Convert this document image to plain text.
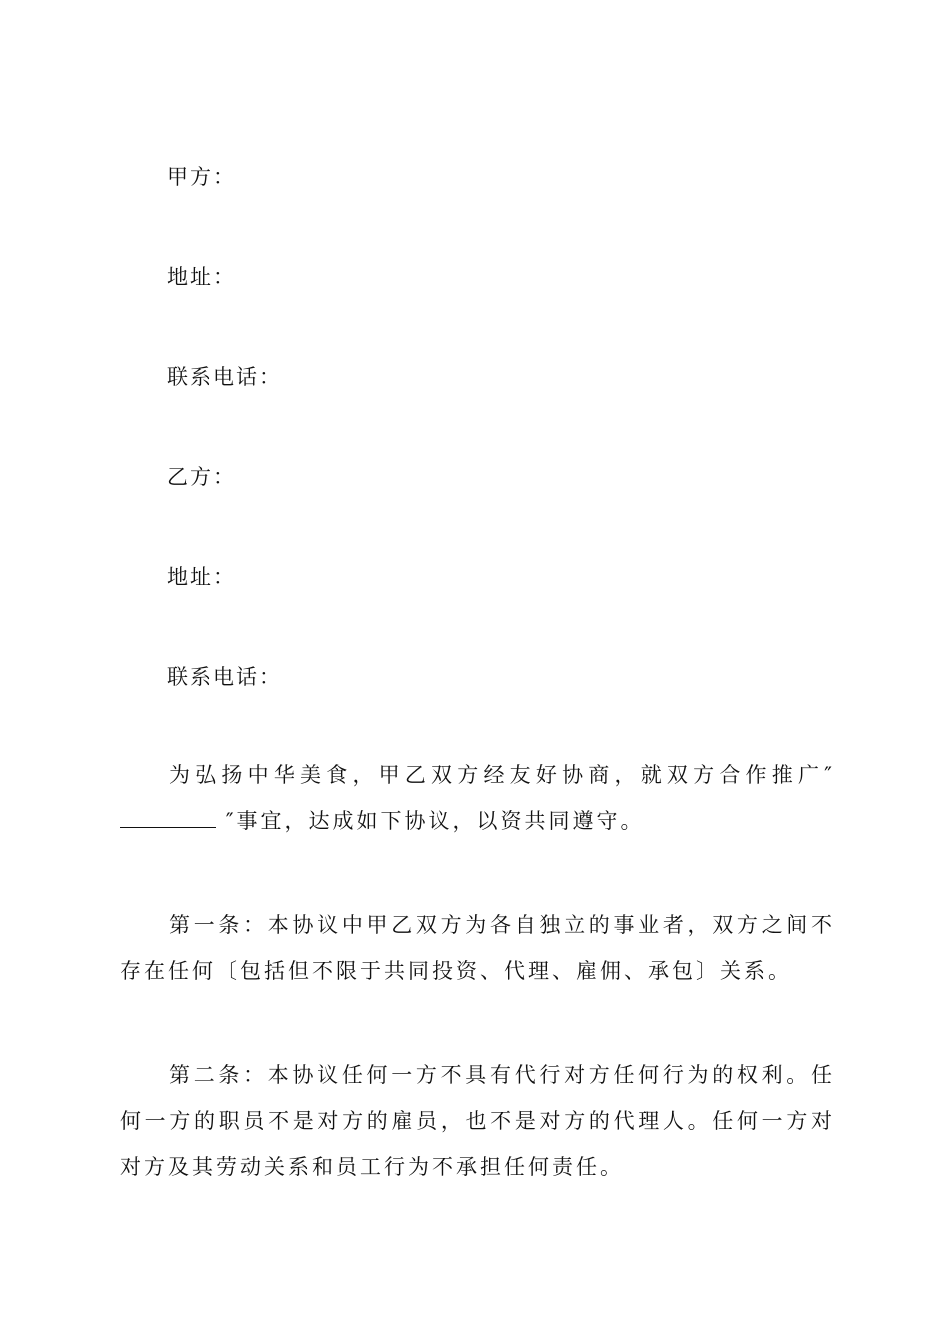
甲方：
地址：
联系电话：
乙方：
地址：
联系电话：
为弘扬中华美食，甲乙双方经友好协商，就双方合作推广″  ″事宜，达成如下协议，以资共同遵守。
第一条：本协议中甲乙双方为各自独立的事业者，双方之间不存在任何〔包括但不限于共同投资、代理、雇佣、承包〕关系。
第二条：本协议任何一方不具有代行对方任何行为的权利。任何一方的职员不是对方的雇员，也不是对方的代理人。任何一方对对方及其劳动关系和员工行为不承担任何责任。
